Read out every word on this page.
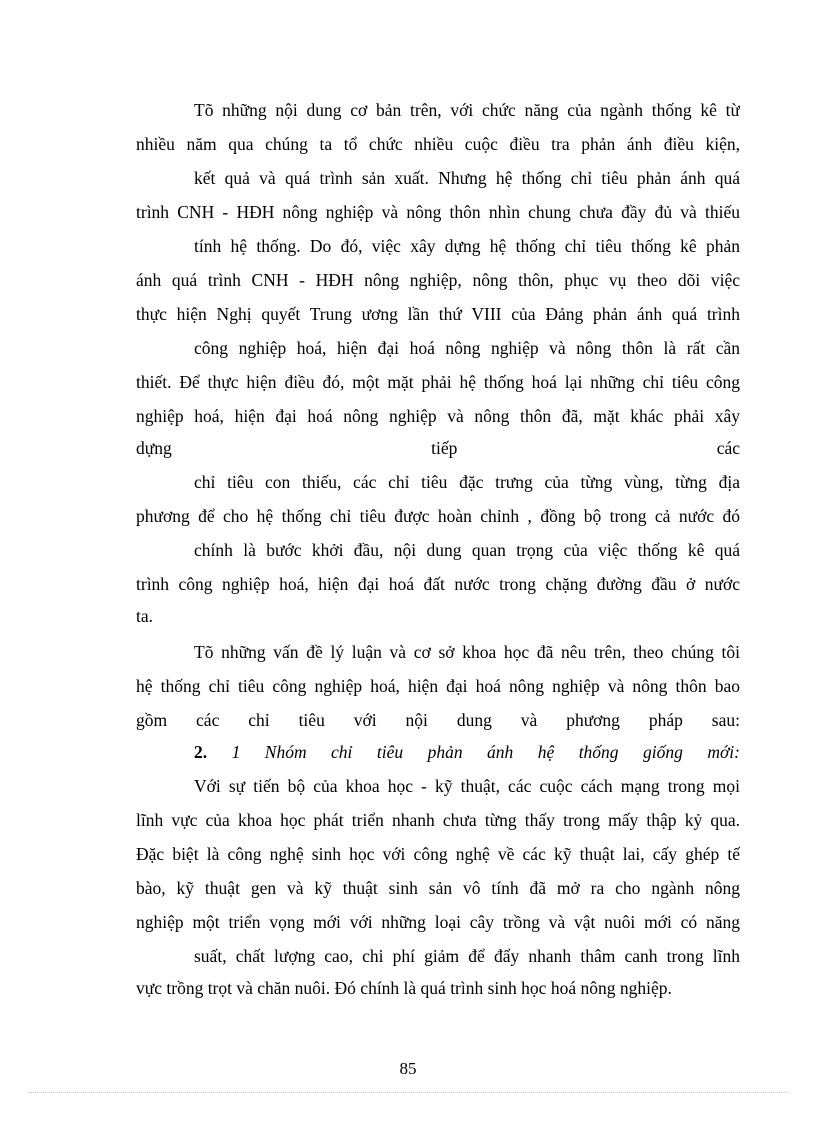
Tõ những nội dung cơ bản trên, với chức năng của ngành thống kê từ
nhiều năm qua chúng ta tổ chức nhiều cuộc điều tra phản ánh điều kiện,
kết quả và quá trình sản xuất. Nhưng hệ thống chỉ tiêu phản ánh quá
trình CNH - HĐH nông nghiệp và nông thôn nhìn chung chưa đầy đủ và thiếu
tính hệ thống. Do đó, việc xây dựng hệ thống chỉ tiêu thống kê phản
ánh quá trình CNH - HĐH nông nghiệp, nông thôn, phục vụ theo dõi việc
thực hiện Nghị quyết Trung ương lần thứ VIII của Đảng phản ánh quá trình
công nghiệp hoá, hiện đại hoá nông nghiệp và nông thôn là rất cần
thiết. Để thực hiện điều đó, một mặt phải hệ thống hoá lại những chỉ tiêu công
nghiệp hoá, hiện đại hoá nông nghiệp và nông thôn đã, mặt khác phải xây
dựng tiếp các
chỉ tiêu con thiếu, các chỉ tiêu đặc trưng của từng vùng, từng địa
phương để cho hệ thống chỉ tiêu được hoàn chỉnh , đồng bộ trong cả nước đó
chính là bước khởi đầu, nội dung quan trọng của việc thống kê quá
trình công nghiệp hoá, hiện đại hoá đất nước trong chặng đường đầu ở nước
ta.
Tõ những vấn đề lý luận và cơ sở khoa học đã nêu trên, theo chúng tôi
hệ thống chỉ tiêu công nghiệp hoá, hiện đại hoá nông nghiệp và nông thôn bao
gồm các chỉ tiêu với nội dung và phương pháp sau:
2. 1 Nhóm chỉ tiêu phản ánh hệ thống giống mới:
Với sự tiến bộ của khoa học - kỹ thuật, các cuộc cách mạng trong mọi
lĩnh vực của khoa học phát triển nhanh chưa từng thấy trong mấy thập kỷ qua.
Đặc biệt là công nghệ sinh học với công nghệ về các kỹ thuật lai, cấy ghép tế
bào, kỹ thuật gen và kỹ thuật sinh sản vô tính đã mở ra cho ngành nông
nghiệp một triển vọng mới với những loại cây trồng và vật nuôi mới có năng
suất, chất lượng cao, chi phí giảm để đẩy nhanh thâm canh trong lĩnh
vực trồng trọt và chăn nuôi. Đó chính là quá trình sinh học hoá nông nghiệp.
85
